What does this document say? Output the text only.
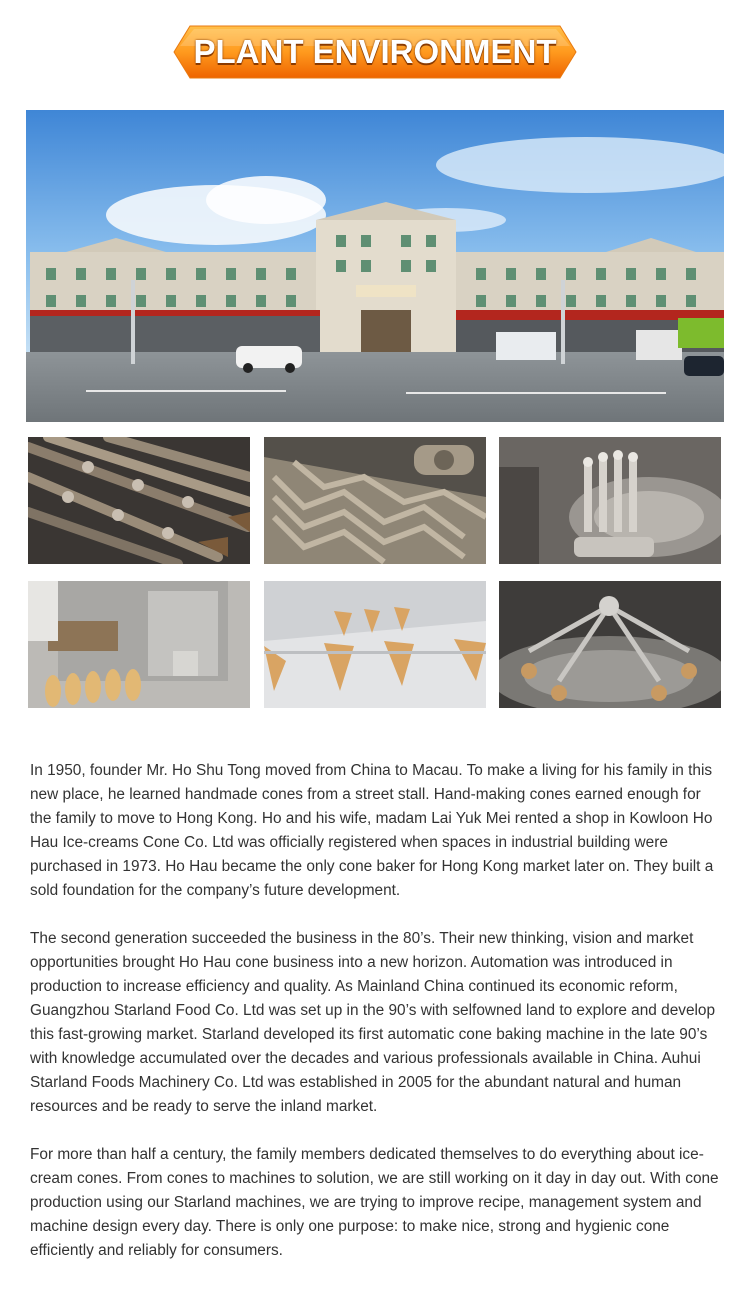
PLANT ENVIRONMENT

In 1950, founder Mr. Ho Shu Tong moved from China to Macau. To make a living for his family in this new place, he learned handmade cones from a street stall. Hand-making cones earned enough for the family to move to Hong Kong. Ho and his wife, madam Lai Yuk Mei rented a shop in Kowloon Ho Hau Ice-creams Cone Co. Ltd was officially registered when spaces in industrial building were purchased in 1973. Ho Hau became the only cone baker for Hong Kong market later on. They built a sold foundation for the company’s future development.

The second generation succeeded the business in the 80’s. Their new thinking, vision and market opportunities brought Ho Hau cone business into a new horizon. Automation was introduced in production to increase efficiency and quality. As Mainland China continued its economic reform, Guangzhou Starland Food Co. Ltd was set up in the 90’s with selfowned land to explore and develop this fast-growing market. Starland developed its first automatic cone baking machine in the late 90’s with knowledge accumulated over the decades and various professionals available in China. Auhui Starland Foods Machinery Co. Ltd was established in 2005 for the abundant natural and human resources and be ready to serve the inland market.

For more than half a century, the family members dedicated themselves to do everything about ice-cream cones. From cones to machines to solution, we are still working on it day in day out. With cone production using our Starland machines, we are trying to improve recipe, management system and machine design every day. There is only one purpose: to make nice, strong and hygienic cone efficiently and reliably for consumers.
